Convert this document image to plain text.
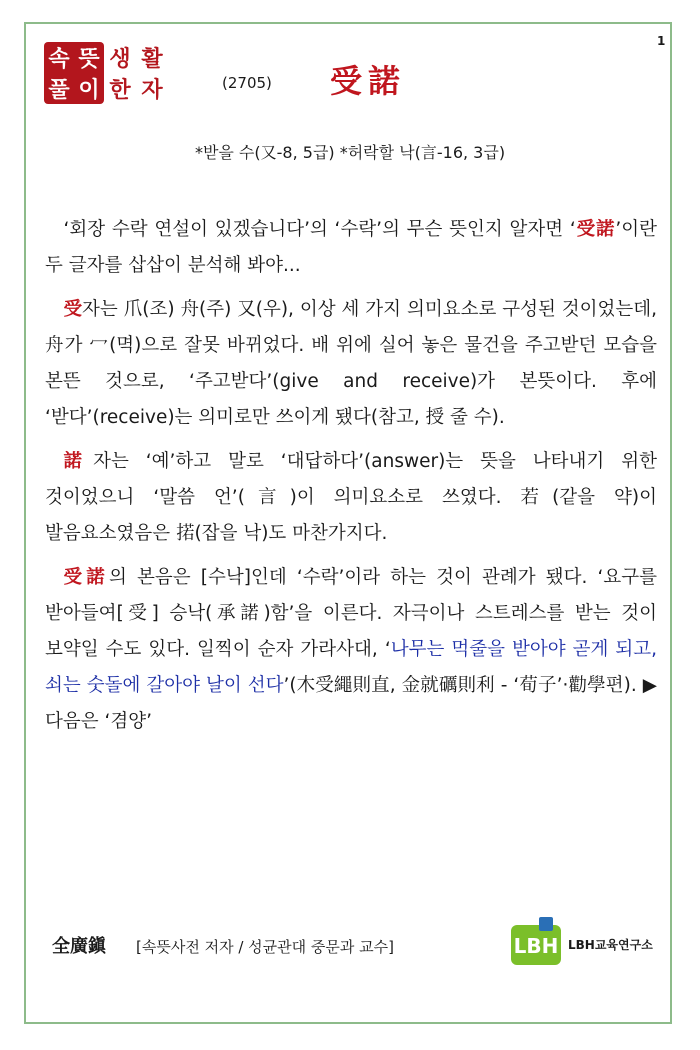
1
속 뜻
풀 이
생 활
한 자	(2705) 受諾
*받을 수(又-8, 5급) *허락할 낙(言-16, 3급)

‘회장 수락 연설이 있겠습니다’의 ‘수락’의 무슨 뜻인지 알자면 ‘受諾’이란 두 글자를 삽삽이 분석해 봐야...

受자는 爪(조) 舟(주) 又(우), 이상 세 가지 의미요소로 구성된 것이었는데, 舟가 冖(멱)으로 잘못 바뀌었다. 배 위에 실어 놓은 물건을 주고받던 모습을 본뜬 것으로, ‘주고받다’(give and receive)가 본뜻이다. 후에 ‘받다’(receive)는 의미로만 쓰이게 됐다(참고, 授 줄 수).

諾자는 ‘예’하고 말로 ‘대답하다’(answer)는 뜻을 나타내기 위한 것이었으니 ‘말씀 언’(言)이 의미요소로 쓰였다. 若(같을 약)이 발음요소였음은 掿(잡을 낙)도 마찬가지다.

受諾의 본음은 [수낙]인데 ‘수락’이라 하는 것이 관례가 됐다. ‘요구를 받아들여[受] 승낙(承諾)함’을 이른다. 자극이나 스트레스를 받는 것이 보약일 수도 있다. 일찍이 순자 가라사대, ‘나무는 먹줄을 받아야 곧게 되고, 쇠는 숫돌에 갈아야 날이 선다’(木受繩則直, 金就礪則利 - ‘荀子’·勸學편). ▶ 다음은 ‘겸양’

全廣鎭 [속뜻사전 저자 / 성균관대 중문과 교수]	LBH LBH교육연구소
